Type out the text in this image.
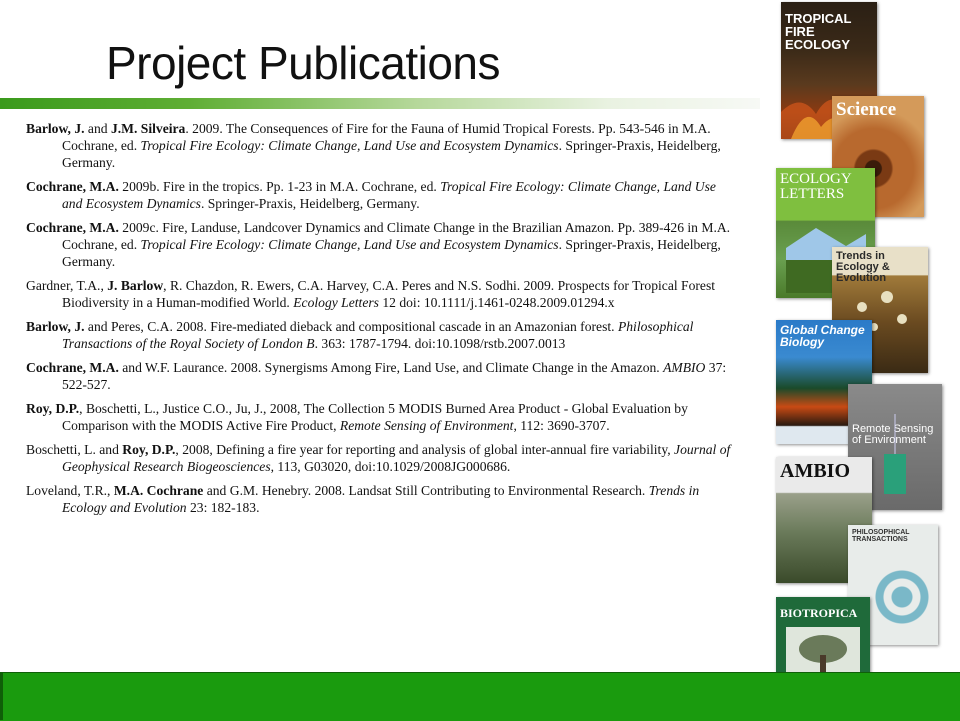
Project Publications

Barlow, J. and J.M. Silveira. 2009. The Consequences of Fire for the Fauna of Humid Tropical Forests. Pp. 543-546 in M.A. Cochrane, ed. Tropical Fire Ecology: Climate Change, Land Use and Ecosystem Dynamics. Springer-Praxis, Heidelberg, Germany.

Cochrane, M.A. 2009b. Fire in the tropics. Pp. 1-23 in M.A. Cochrane, ed. Tropical Fire Ecology: Climate Change, Land Use and Ecosystem Dynamics. Springer-Praxis, Heidelberg, Germany.

Cochrane, M.A. 2009c. Fire, Landuse, Landcover Dynamics and Climate Change in the Brazilian Amazon. Pp. 389-426 in M.A. Cochrane, ed. Tropical Fire Ecology: Climate Change, Land Use and Ecosystem Dynamics. Springer-Praxis, Heidelberg, Germany.

Gardner, T.A., J. Barlow, R. Chazdon, R. Ewers, C.A. Harvey, C.A. Peres and N.S. Sodhi. 2009. Prospects for Tropical Forest Biodiversity in a Human-modified World. Ecology Letters 12 doi: 10.1111/j.1461-0248.2009.01294.x

Barlow, J. and Peres, C.A. 2008. Fire-mediated dieback and compositional cascade in an Amazonian forest. Philosophical Transactions of the Royal Society of London B. 363: 1787-1794. doi:10.1098/rstb.2007.0013

Cochrane, M.A. and W.F. Laurance. 2008. Synergisms Among Fire, Land Use, and Climate Change in the Amazon. AMBIO 37: 522-527.

Roy, D.P., Boschetti, L., Justice C.O., Ju, J., 2008, The Collection 5 MODIS Burned Area Product - Global Evaluation by Comparison with the MODIS Active Fire Product, Remote Sensing of Environment, 112: 3690-3707.

Boschetti, L. and Roy, D.P., 2008, Defining a fire year for reporting and analysis of global inter-annual fire variability, Journal of Geophysical Research Biogeosciences, 113, G03020, doi:10.1029/2008JG000686.

Loveland, T.R., M.A. Cochrane and G.M. Henebry. 2008. Landsat Still Contributing to Environmental Research. Trends in Ecology and Evolution 23: 182-183.

TROPICAL FIRE ECOLOGY
Science
ECOLOGY LETTERS
Trends in Ecology & Evolution
Global Change Biology
Remote Sensing of Environment
AMBIO
PHILOSOPHICAL TRANSACTIONS
BIOTROPICA
